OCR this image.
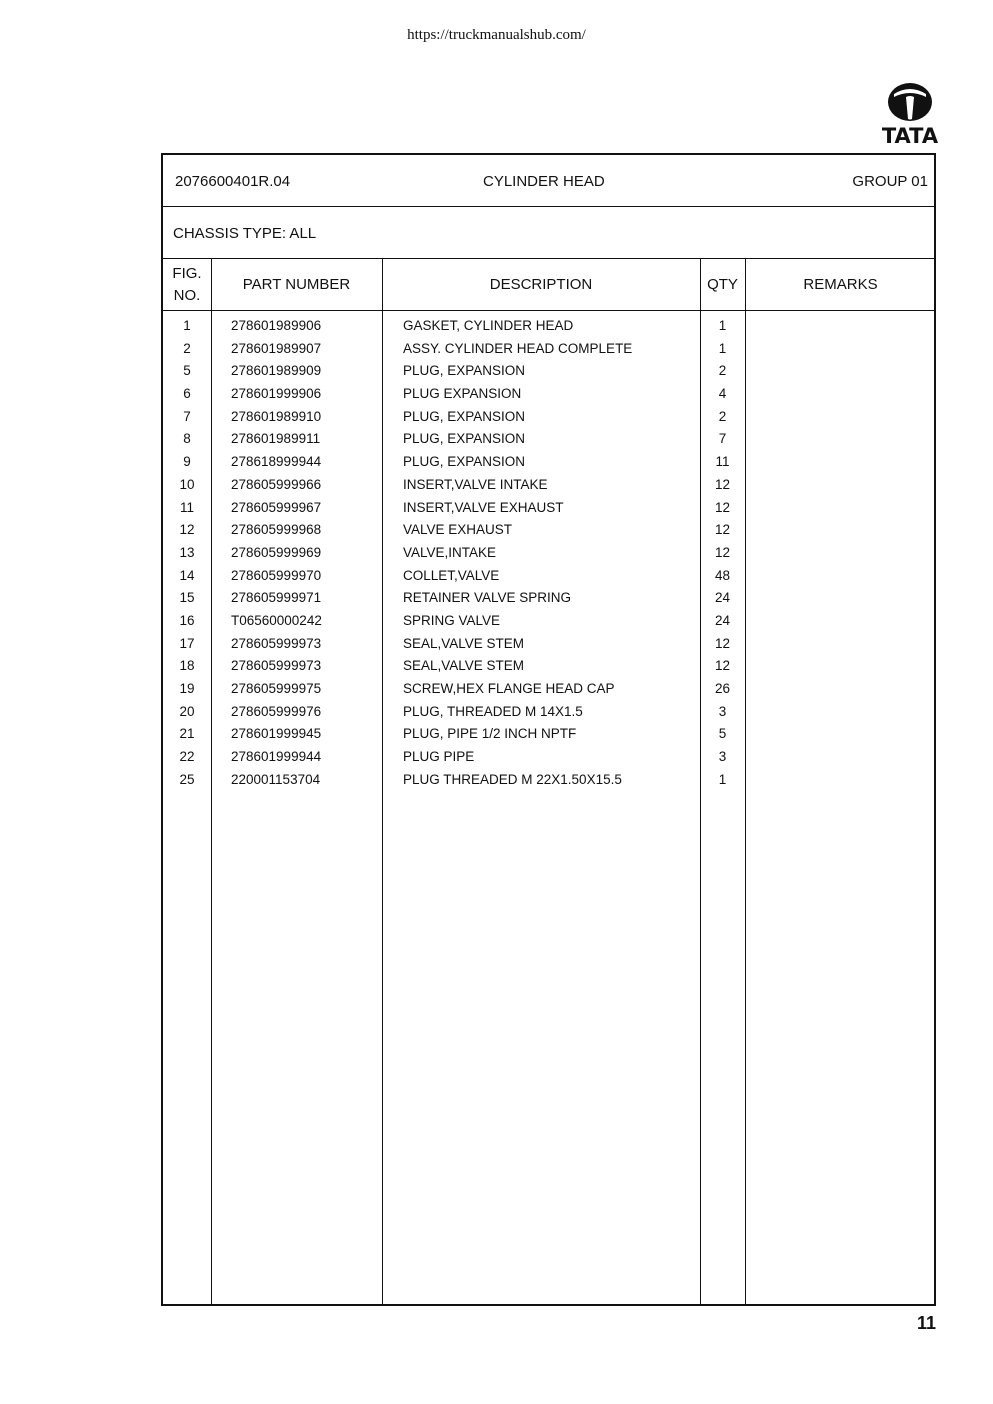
https://truckmanualshub.com/
TATA
2076600401R.04	CYLINDER HEAD	GROUP 01
CHASSIS TYPE: ALL
FIG.
NO.
PART NUMBER	DESCRIPTION	QTY	REMARKS
1	278601989906	GASKET, CYLINDER HEAD	1
2	278601989907	ASSY. CYLINDER HEAD COMPLETE	1
5	278601989909	PLUG, EXPANSION	2
6	278601999906	PLUG EXPANSION	4
7	278601989910	PLUG, EXPANSION	2
8	278601989911	PLUG, EXPANSION	7
9	278618999944	PLUG, EXPANSION	11
10	278605999966	INSERT,VALVE INTAKE	12
11	278605999967	INSERT,VALVE EXHAUST	12
12	278605999968	VALVE EXHAUST	12
13	278605999969	VALVE,INTAKE	12
14	278605999970	COLLET,VALVE	48
15	278605999971	RETAINER VALVE SPRING	24
16	T06560000242	SPRING VALVE	24
17	278605999973	SEAL,VALVE STEM	12
18	278605999973	SEAL,VALVE STEM	12
19	278605999975	SCREW,HEX FLANGE HEAD CAP	26
20	278605999976	PLUG, THREADED M 14X1.5	3
21	278601999945	PLUG, PIPE 1/2 INCH NPTF	5
22	278601999944	PLUG PIPE	3
25	220001153704	PLUG THREADED M 22X1.50X15.5	1
11
